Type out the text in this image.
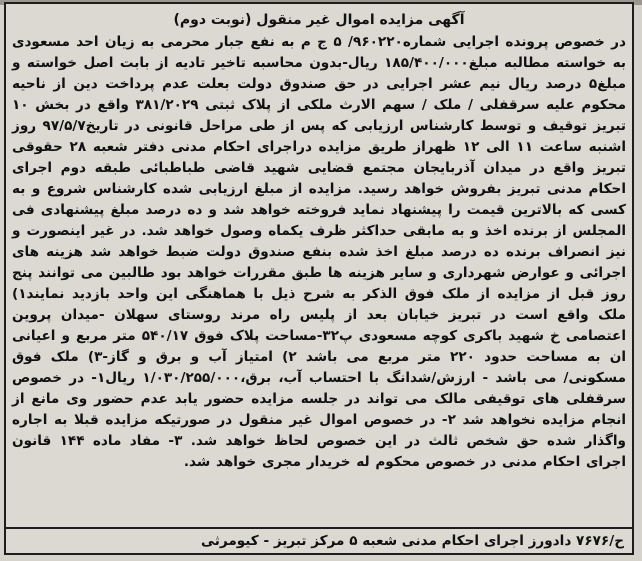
آگهی مزایده اموال غیر منقول (نوبت دوم)
در خصوص پرونده اجرایی شماره۹۶۰۲۲۰/ ۵ ج م به نفع جبار محرمی به زیان احد مسعودی به خواسته مطالبه مبلغ۱۸۵/۴۰۰/۰۰۰ ریال-بدون محاسبه تاخیر تادیه از بابت اصل خواسته و مبلغ۵ درصد ریال نیم عشر اجرایی در حق صندوق دولت بعلت عدم پرداخت دین از ناحیه محکوم علیه سرقفلی / ملک / سهم الارث ملکی از پلاک ثبتی ۳۸۱/۲۰۲۹ واقع در بخش ۱۰ تبریز توقیف و توسط کارشناس ارزیابی که پس از طی مراحل قانونی در تاریخ۹۷/۵/۷ روز اشنبه ساعت ۱۱ الی ۱۲ ظهراز طریق مزایده دراجرای احکام مدنی دفتر شعبه ۲۸ حقوقی تبریز واقع در میدان آذربایجان مجتمع قضایی شهید قاضی طباطبائی طبقه دوم اجرای احکام مدنی تبریز بفروش خواهد رسید. مزایده از مبلغ ارزیابی شده کارشناس شروع و به کسی که بالاترین قیمت را پیشنهاد نماید فروخته خواهد شد و ده درصد مبلغ پیشنهادی فی المجلس از برنده اخذ و به مابقی حداکثر ظرف یکماه وصول خواهد شد. در غیر اینصورت و نیز انصراف برنده ده درصد مبلغ اخذ شده بنفع صندوق دولت ضبط خواهد شد هزینه های اجرائی و عوارض شهرداری و سایر هزینه ها طبق مقررات خواهد بود طالبین می توانند پنج روز قبل از مزایده از ملک فوق الذکر به شرح ذیل با هماهنگی این واحد بازدید نمایند۱) ملک واقع است در تبریز خیابان بعد از پلیس راه مرند روستای سهلان -میدان پروین اعتصامی خ شهید باکری کوچه مسعودی پ۳۲-مساحت پلاک فوق ۵۴۰/۱۷ متر مربع و اعیانی ان به مساحت حدود ۲۲۰ متر مربع می باشد ۲) امتیاز آب و برق و گاز-۳) ملک فوق مسکونی/ می باشد - ارزش/شدانگ با احتساب آب، برق،۱/۰۳۰/۲۵۵/۰۰۰ ریال۱- در خصوص سرقفلی های توقیفی مالک می تواند در جلسه مزایده حضور یابد عدم حضور وی مانع از انجام مزایده نخواهد شد ۲- در خصوص اموال غیر منقول در صورتیکه مزایده قبلا به اجاره واگذار شده حق شخص ثالث در این خصوص لحاظ خواهد شد. ۳- مفاد ماده ۱۴۴ قانون اجرای احکام مدنی در خصوص محکوم له خریدار مجری خواهد شد.
ح/۷۶۷۶ دادورز اجرای احکام مدنی شعبه ۵ مرکز تبریز - کیومرثی
